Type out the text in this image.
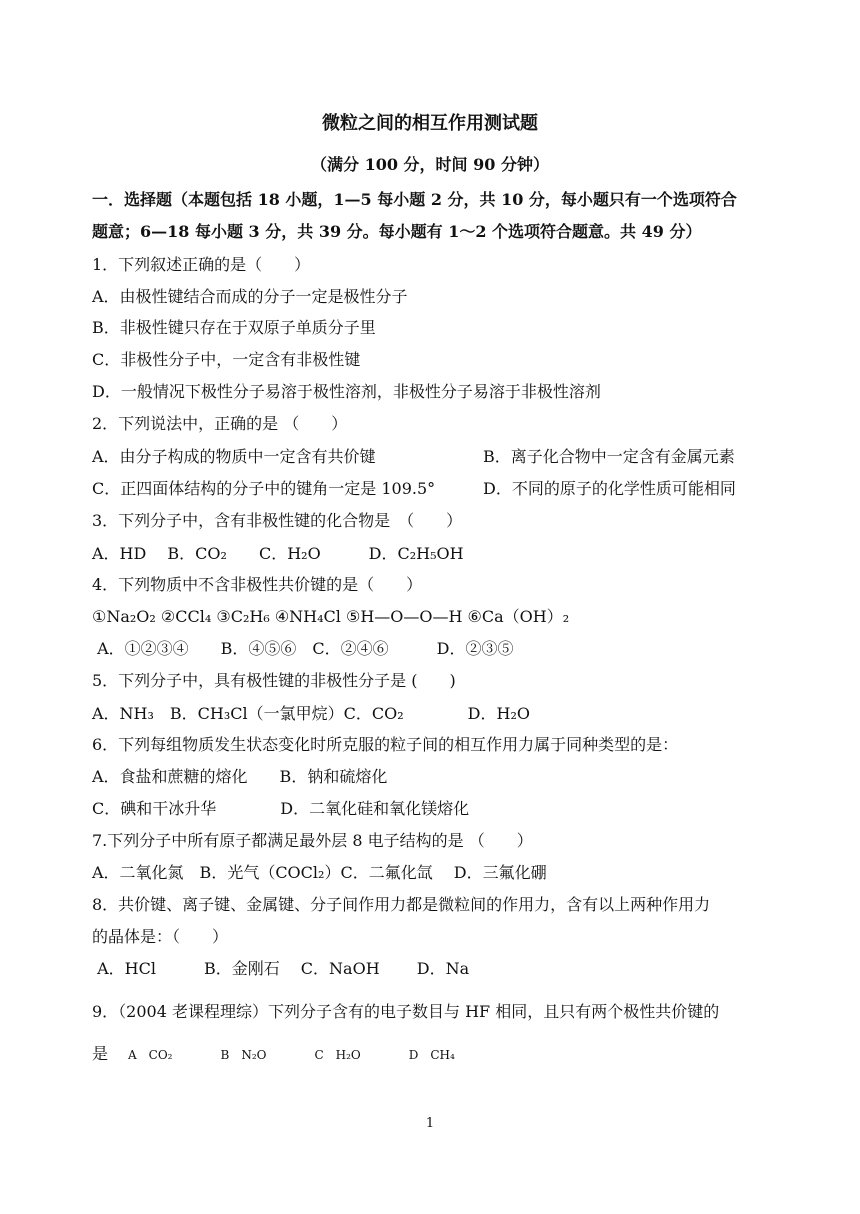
微粒之间的相互作用测试题
（满分 100 分，时间 90 分钟）
一．选择题（本题包括 18 小题，1—5 每小题 2 分，共 10 分，每小题只有一个选项符合
题意；6—18 每小题 3 分，共 39 分。每小题有 1～2 个选项符合题意。共 49 分）
1．下列叙述正确的是（　　）
A．由极性键结合而成的分子一定是极性分子
B．非极性键只存在于双原子单质分子里
C．非极性分子中，一定含有非极性键
D．一般情况下极性分子易溶于极性溶剂，非极性分子易溶于非极性溶剂
2．下列说法中，正确的是 （　　）
A．由分子构成的物质中一定含有共价键	B．离子化合物中一定含有金属元素
C．正四面体结构的分子中的键角一定是 109.5°	D．不同的原子的化学性质可能相同
3．下列分子中，含有非极性键的化合物是　（　　）
A．HD　 B．CO₂　　C．H₂O　　　D．C₂H₅OH
4．下列物质中不含非极性共价键的是（　　）
①Na₂O₂ ②CCl₄ ③C₂H₆ ④NH₄Cl ⑤H—O—O—H ⑥Ca（OH）₂
A．①②③④　　B．④⑤⑥　C．②④⑥　　　D．②③⑤
5．下列分子中，具有极性键的非极性分子是 (　　)
A．NH₃　B．CH₃Cl（一氯甲烷）C．CO₂　　　　D．H₂O
6．下列每组物质发生状态变化时所克服的粒子间的相互作用力属于同种类型的是：
A．食盐和蔗糖的熔化　　B．钠和硫熔化
C．碘和干冰升华　　　　D．二氧化硅和氧化镁熔化
7.下列分子中所有原子都满足最外层 8 电子结构的是 （　　）
A．二氧化氮　B．光气（COCl₂）C．二氟化氙　 D．三氟化硼
8．共价键、离子键、金属键、分子间作用力都是微粒间的作用力，含有以上两种作用力
的晶体是：（　　）
A．HCl　　　B．金刚石　 C．NaOH　　 D．Na
9．（2004 老课程理综）下列分子含有的电子数目与 HF 相同，且只有两个极性共价键的
是 A　CO₂　　　　B　N₂O　　　　C　H₂O　　　　D　CH₄
1
